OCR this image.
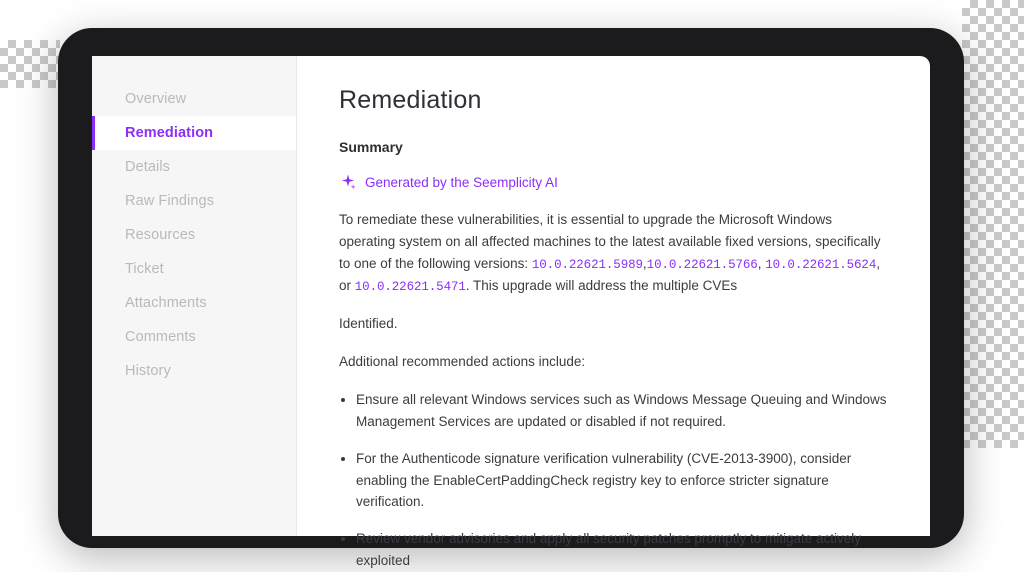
Overview
Remediation
Details
Raw Findings
Resources
Ticket
Attachments
Comments
History
Remediation
Summary
Generated by the Seemplicity AI

To remediate these vulnerabilities, it is essential to upgrade the Microsoft Windows operating system on all affected machines to the latest available fixed versions, specifically to one of the following versions: 10.0.22621.5989,10.0.22621.5766, 10.0.22621.5624, or 10.0.22621.5471. This upgrade will address the multiple CVEs

Identified.

Additional recommended actions include:

• Ensure all relevant Windows services such as Windows Message Queuing and Windows Management Services are updated or disabled if not required.
• For the Authenticode signature verification vulnerability (CVE-2013-3900), consider enabling the EnableCertPaddingCheck registry key to enforce stricter signature verification.
• Review vendor advisories and apply all security patches promptly to mitigate actively exploited
